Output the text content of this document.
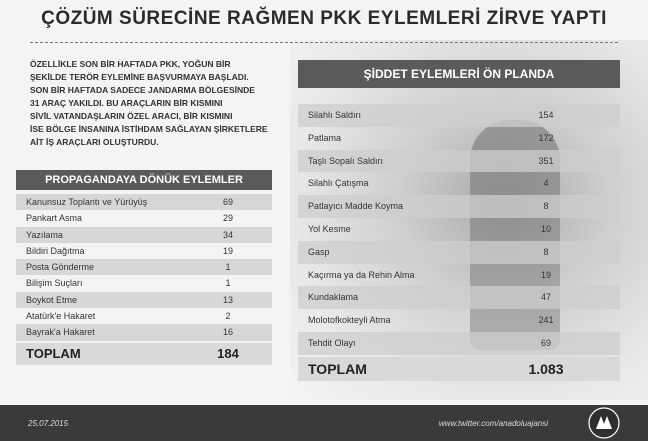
ÇÖZÜM SÜRECİNE RAĞMEN PKK EYLEMLERİ ZİRVE YAPTI
ÖZELLİKLE SON BİR HAFTADA PKK, YOĞUN BİR
ŞEKİLDE TERÖR EYLEMİNE BAŞVURMAYA BAŞLADI.
SON BİR HAFTADA SADECE JANDARMA BÖLGESİNDE
31 ARAÇ YAKILDI. BU ARAÇLARIN BİR KISMINI
SİVİL VATANDAŞLARIN ÖZEL ARACI, BİR KISMINI
İSE BÖLGE İNSANINA İSTİHDAM SAĞLAYAN ŞİRKETLERE
AİT İŞ ARAÇLARI OLUŞTURDU.
PROPAGANDAYA DÖNÜK EYLEMLER
Kanunsuz Toplantı ve Yürüyüş	69
Pankart Asma	29
Yazılama	34
Bildiri Dağıtma	19
Posta Gönderme	1
Bilişim Suçları	1
Boykot Etme	13
Atatürk'e Hakaret	2
Bayrak'a Hakaret	16
TOPLAM	184
ŞİDDET EYLEMLERİ ÖN PLANDA
Silahlı Saldırı	154
Patlama	172
Taşlı Sopalı Saldırı	351
Silahlı Çatışma	4
Patlayıcı Madde Koyma	8
Yol Kesme	10
Gasp	8
Kaçırma ya da Rehin Alma	19
Kundaklama	47
Molotofkokteyli Atma	241
Tehdit Olayı	69
TOPLAM	1.083
25.07.2015	www.twitter.com/anadoluajansi
